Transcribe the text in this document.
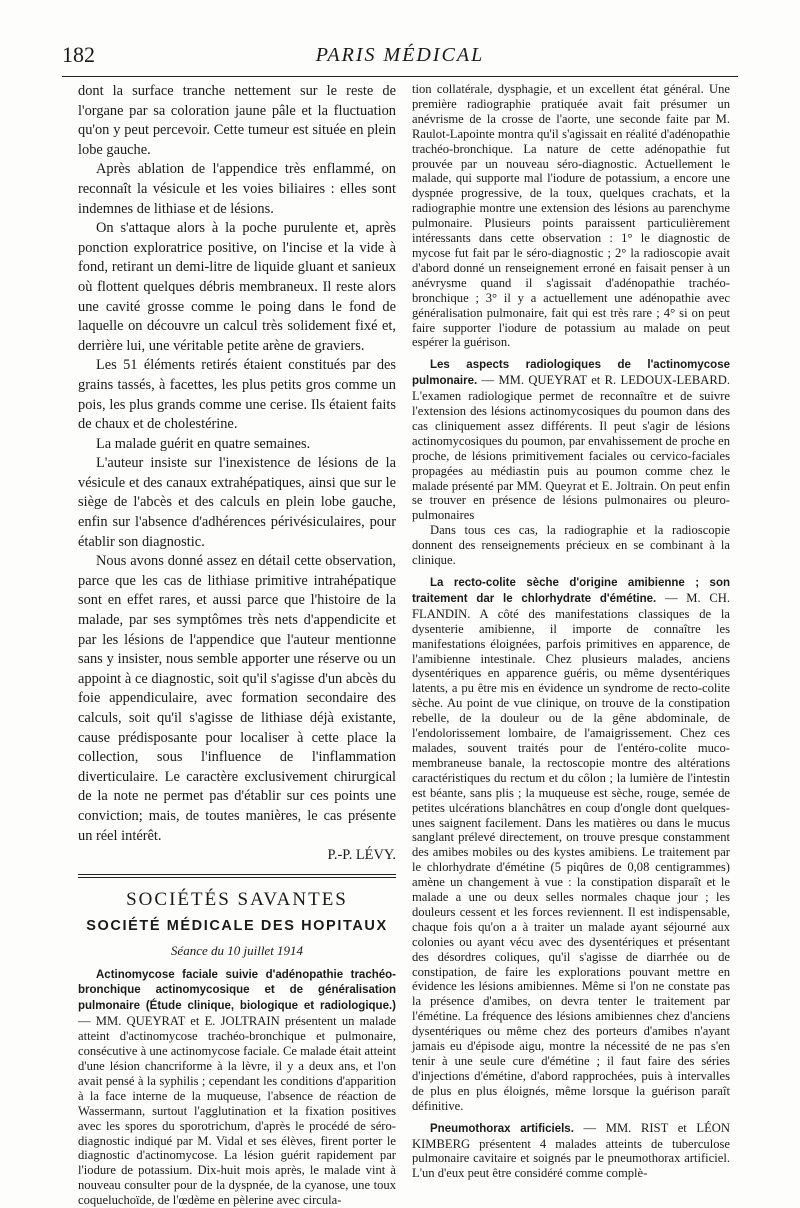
182	PARIS MÉDICAL

dont la surface tranche nettement sur le reste de l'organe par sa coloration jaune pâle et la fluctuation qu'on y peut percevoir. Cette tumeur est située en plein lobe gauche.

Après ablation de l'appendice très enflammé, on reconnaît la vésicule et les voies biliaires : elles sont indemnes de lithiase et de lésions.

On s'attaque alors à la poche purulente et, après ponction exploratrice positive, on l'incise et la vide à fond, retirant un demi-litre de liquide gluant et sanieux où flottent quelques débris membraneux. Il reste alors une cavité grosse comme le poing dans le fond de laquelle on découvre un calcul très solidement fixé et, derrière lui, une véritable petite arène de graviers.

Les 51 éléments retirés étaient constitués par des grains tassés, à facettes, les plus petits gros comme un pois, les plus grands comme une cerise. Ils étaient faits de chaux et de cholestérine.

La malade guérit en quatre semaines.

L'auteur insiste sur l'inexistence de lésions de la vésicule et des canaux extrahépatiques, ainsi que sur le siège de l'abcès et des calculs en plein lobe gauche, enfin sur l'absence d'adhérences périvésiculaires, pour établir son diagnostic.

Nous avons donné assez en détail cette observation, parce que les cas de lithiase primitive intrahépatique sont en effet rares, et aussi parce que l'histoire de la malade, par ses symptômes très nets d'appendicite et par les lésions de l'appendice que l'auteur mentionne sans y insister, nous semble apporter une réserve ou un appoint à ce diagnostic, soit qu'il s'agisse d'un abcès du foie appendiculaire, avec formation secondaire des calculs, soit qu'il s'agisse de lithiase déjà existante, cause prédisposante pour localiser à cette place la collection, sous l'influence de l'inflammation diverticulaire. Le caractère exclusivement chirurgical de la note ne permet pas d'établir sur ces points une conviction; mais, de toutes manières, le cas présente un réel intérêt.

P.-P. LÉVY.

SOCIÉTÉS SAVANTES
SOCIÉTÉ MÉDICALE DES HOPITAUX
Séance du 10 juillet 1914

Actinomycose faciale suivie d'adénopathie trachéo-bronchique actinomycosique et de généralisation pulmonaire (Étude clinique, biologique et radiologique.) — MM. QUEYRAT et E. JOLTRAIN présentent un malade atteint d'actinomycose trachéo-bronchique et pulmonaire, consécutive à une actinomycose faciale. Ce malade était atteint d'une lésion chancriforme à la lèvre, il y a deux ans, et l'on avait pensé à la syphilis ; cependant les conditions d'apparition à la face interne de la muqueuse, l'absence de réaction de Wassermann, surtout l'agglutination et la fixation positives avec les spores du sporotrichum, d'après le procédé de séro-diagnostic indiqué par M. Vidal et ses élèves, firent porter le diagnostic d'actinomycose. La lésion guérit rapidement par l'iodure de potassium. Dix-huit mois après, le malade vint à nouveau consulter pour de la dyspnée, de la cyanose, une toux coqueluchoïde, de l'œdème en pèlerine avec circula-

tion collatérale, dysphagie, et un excellent état général. Une première radiographie pratiquée avait fait présumer un anévrisme de la crosse de l'aorte, une seconde faite par M. Raulot-Lapointe montra qu'il s'agissait en réalité d'adénopathie trachéo-bronchique. La nature de cette adénopathie fut prouvée par un nouveau séro-diagnostic. Actuellement le malade, qui supporte mal l'iodure de potassium, a encore une dyspnée progressive, de la toux, quelques crachats, et la radiographie montre une extension des lésions au parenchyme pulmonaire. Plusieurs points paraissent particulièrement intéressants dans cette observation : 1° le diagnostic de mycose fut fait par le séro-diagnostic ; 2° la radioscopie avait d'abord donné un renseignement erroné en faisait penser à un anévrysme quand il s'agissait d'adénopathie trachéo-bronchique ; 3° il y a actuellement une adénopathie avec généralisation pulmonaire, fait qui est très rare ; 4° si on peut faire supporter l'iodure de potassium au malade on peut espérer la guérison.

Les aspects radiologiques de l'actinomycose pulmonaire. — MM. QUEYRAT et R. LEDOUX-LEBARD. L'examen radiologique permet de reconnaître et de suivre l'extension des lésions actinomycosiques du poumon dans des cas cliniquement assez différents. Il peut s'agir de lésions actinomycosiques du poumon, par envahissement de proche en proche, de lésions primitivement faciales ou cervico-faciales propagées au médiastin puis au poumon comme chez le malade présenté par MM. Queyrat et E. Joltrain. On peut enfin se trouver en présence de lésions pulmonaires ou pleuro-pulmonaires

Dans tous ces cas, la radiographie et la radioscopie donnent des renseignements précieux en se combinant à la clinique.

La recto-colite sèche d'origine amibienne ; son traitement dar le chlorhydrate d'émétine. — M. CH. FLANDIN. A côté des manifestations classiques de la dysenterie amibienne, il importe de connaître les manifestations éloignées, parfois primitives en apparence, de l'amibienne intestinale. Chez plusieurs malades, anciens dysentériques en apparence guéris, ou même dysentériques latents, a pu être mis en évidence un syndrome de recto-colite sèche. Au point de vue clinique, on trouve de la constipation rebelle, de la douleur ou de la gêne abdominale, de l'endolorissement lombaire, de l'amaigrissement. Chez ces malades, souvent traités pour de l'entéro-colite muco-membraneuse banale, la rectoscopie montre des altérations caractéristiques du rectum et du côlon ; la lumière de l'intestin est béante, sans plis ; la muqueuse est sèche, rouge, semée de petites ulcérations blanchâtres en coup d'ongle dont quelques-unes saignent facilement. Dans les matières ou dans le mucus sanglant prélevé directement, on trouve presque constamment des amibes mobiles ou des kystes amibiens. Le traitement par le chlorhydrate d'émétine (5 piqûres de 0,08 centigrammes) amène un changement à vue : la constipation disparaît et le malade a une ou deux selles normales chaque jour ; les douleurs cessent et les forces reviennent. Il est indispensable, chaque fois qu'on a à traiter un malade ayant séjourné aux colonies ou ayant vécu avec des dysentériques et présentant des désordres coliques, qu'il s'agisse de diarrhée ou de constipation, de faire les explorations pouvant mettre en évidence les lésions amibiennes. Même si l'on ne constate pas la présence d'amibes, on devra tenter le traitement par l'émétine. La fréquence des lésions amibiennes chez d'anciens dysentériques ou même chez des porteurs d'amibes n'ayant jamais eu d'épisode aigu, montre la nécessité de ne pas s'en tenir à une seule cure d'émétine ; il faut faire des séries d'injections d'émétine, d'abord rapprochées, puis à intervalles de plus en plus éloignés, même lorsque la guérison paraît définitive.

Pneumothorax artificiels. — MM. RIST et LÉON KIMBERG présentent 4 malades atteints de tuberculose pulmonaire cavitaire et soignés par le pneumothorax artificiel. L'un d'eux peut être considéré comme complè-
